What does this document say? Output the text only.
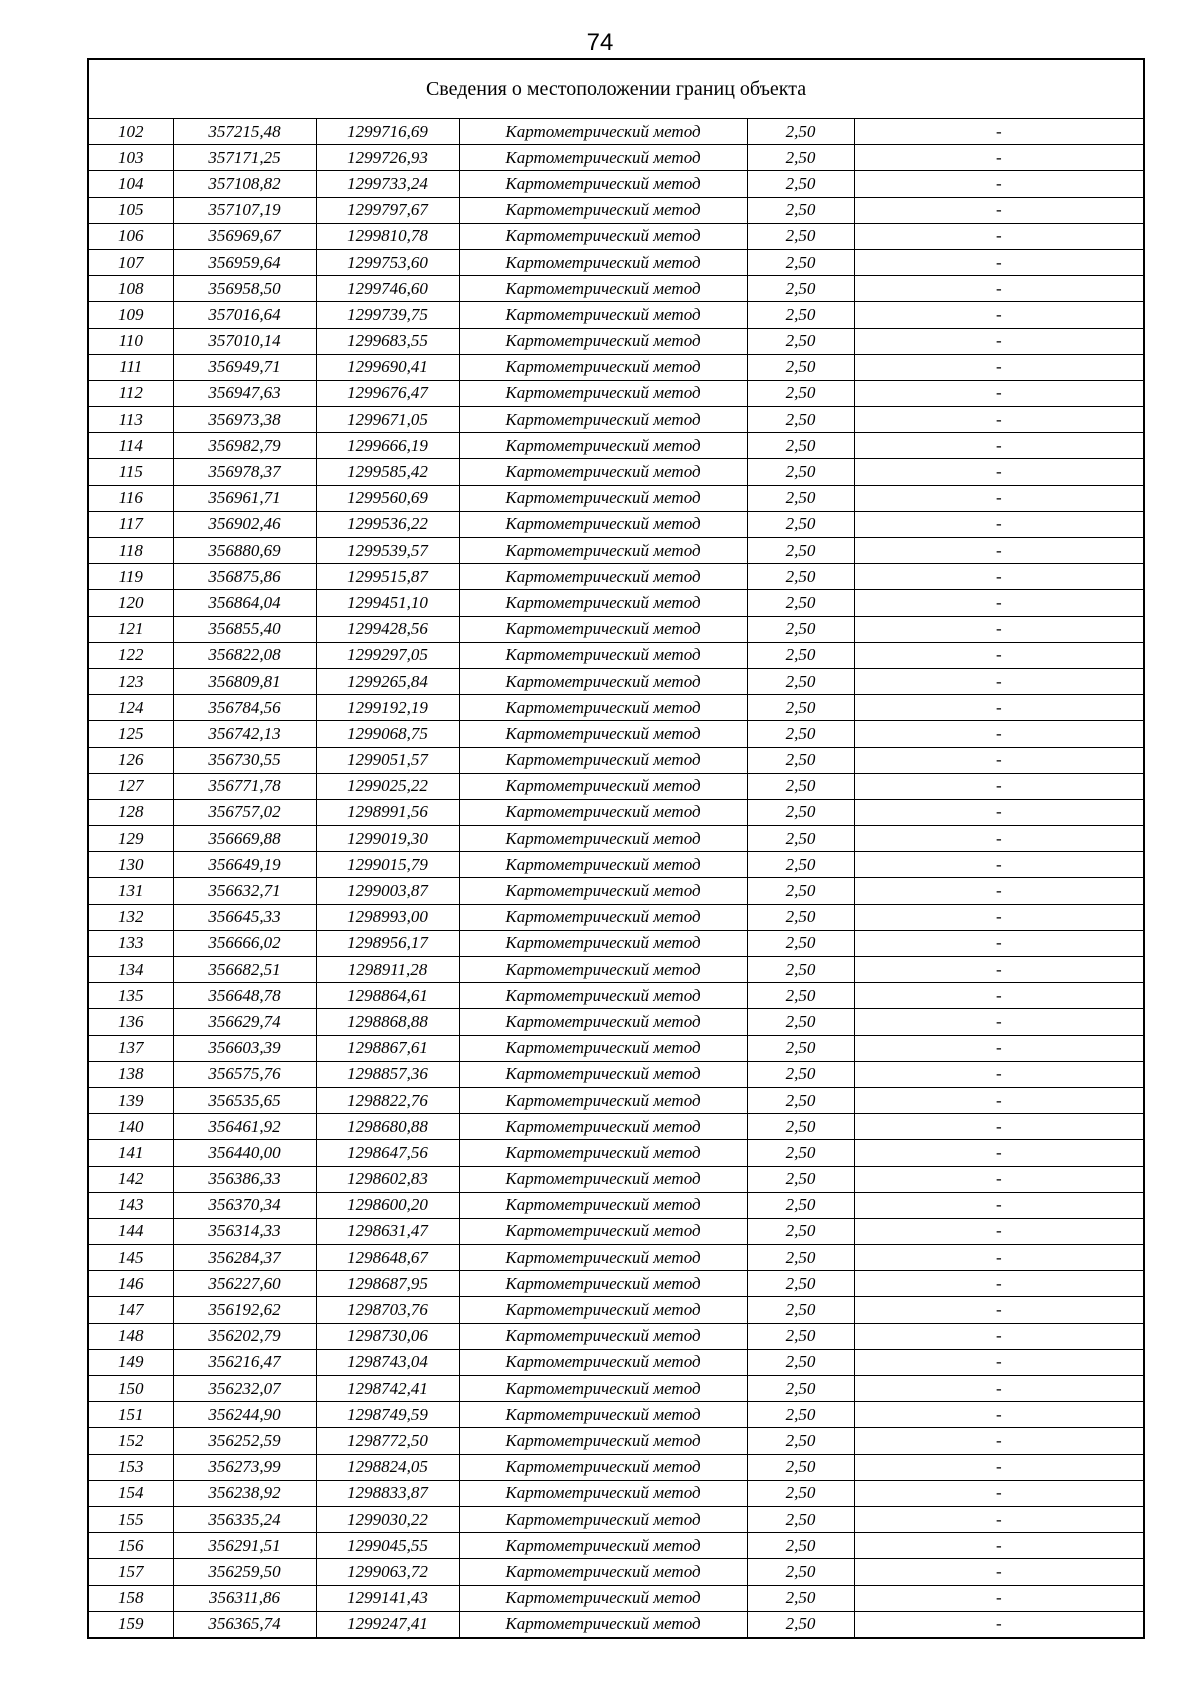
74
Сведения о местоположении границ объекта					
102	357215,48	1299716,69	Картометрический метод	2,50	-
103	357171,25	1299726,93	Картометрический метод	2,50	-
104	357108,82	1299733,24	Картометрический метод	2,50	-
105	357107,19	1299797,67	Картометрический метод	2,50	-
106	356969,67	1299810,78	Картометрический метод	2,50	-
107	356959,64	1299753,60	Картометрический метод	2,50	-
108	356958,50	1299746,60	Картометрический метод	2,50	-
109	357016,64	1299739,75	Картометрический метод	2,50	-
110	357010,14	1299683,55	Картометрический метод	2,50	-
111	356949,71	1299690,41	Картометрический метод	2,50	-
112	356947,63	1299676,47	Картометрический метод	2,50	-
113	356973,38	1299671,05	Картометрический метод	2,50	-
114	356982,79	1299666,19	Картометрический метод	2,50	-
115	356978,37	1299585,42	Картометрический метод	2,50	-
116	356961,71	1299560,69	Картометрический метод	2,50	-
117	356902,46	1299536,22	Картометрический метод	2,50	-
118	356880,69	1299539,57	Картометрический метод	2,50	-
119	356875,86	1299515,87	Картометрический метод	2,50	-
120	356864,04	1299451,10	Картометрический метод	2,50	-
121	356855,40	1299428,56	Картометрический метод	2,50	-
122	356822,08	1299297,05	Картометрический метод	2,50	-
123	356809,81	1299265,84	Картометрический метод	2,50	-
124	356784,56	1299192,19	Картометрический метод	2,50	-
125	356742,13	1299068,75	Картометрический метод	2,50	-
126	356730,55	1299051,57	Картометрический метод	2,50	-
127	356771,78	1299025,22	Картометрический метод	2,50	-
128	356757,02	1298991,56	Картометрический метод	2,50	-
129	356669,88	1299019,30	Картометрический метод	2,50	-
130	356649,19	1299015,79	Картометрический метод	2,50	-
131	356632,71	1299003,87	Картометрический метод	2,50	-
132	356645,33	1298993,00	Картометрический метод	2,50	-
133	356666,02	1298956,17	Картометрический метод	2,50	-
134	356682,51	1298911,28	Картометрический метод	2,50	-
135	356648,78	1298864,61	Картометрический метод	2,50	-
136	356629,74	1298868,88	Картометрический метод	2,50	-
137	356603,39	1298867,61	Картометрический метод	2,50	-
138	356575,76	1298857,36	Картометрический метод	2,50	-
139	356535,65	1298822,76	Картометрический метод	2,50	-
140	356461,92	1298680,88	Картометрический метод	2,50	-
141	356440,00	1298647,56	Картометрический метод	2,50	-
142	356386,33	1298602,83	Картометрический метод	2,50	-
143	356370,34	1298600,20	Картометрический метод	2,50	-
144	356314,33	1298631,47	Картометрический метод	2,50	-
145	356284,37	1298648,67	Картометрический метод	2,50	-
146	356227,60	1298687,95	Картометрический метод	2,50	-
147	356192,62	1298703,76	Картометрический метод	2,50	-
148	356202,79	1298730,06	Картометрический метод	2,50	-
149	356216,47	1298743,04	Картометрический метод	2,50	-
150	356232,07	1298742,41	Картометрический метод	2,50	-
151	356244,90	1298749,59	Картометрический метод	2,50	-
152	356252,59	1298772,50	Картометрический метод	2,50	-
153	356273,99	1298824,05	Картометрический метод	2,50	-
154	356238,92	1298833,87	Картометрический метод	2,50	-
155	356335,24	1299030,22	Картометрический метод	2,50	-
156	356291,51	1299045,55	Картометрический метод	2,50	-
157	356259,50	1299063,72	Картометрический метод	2,50	-
158	356311,86	1299141,43	Картометрический метод	2,50	-
159	356365,74	1299247,41	Картометрический метод	2,50	-
